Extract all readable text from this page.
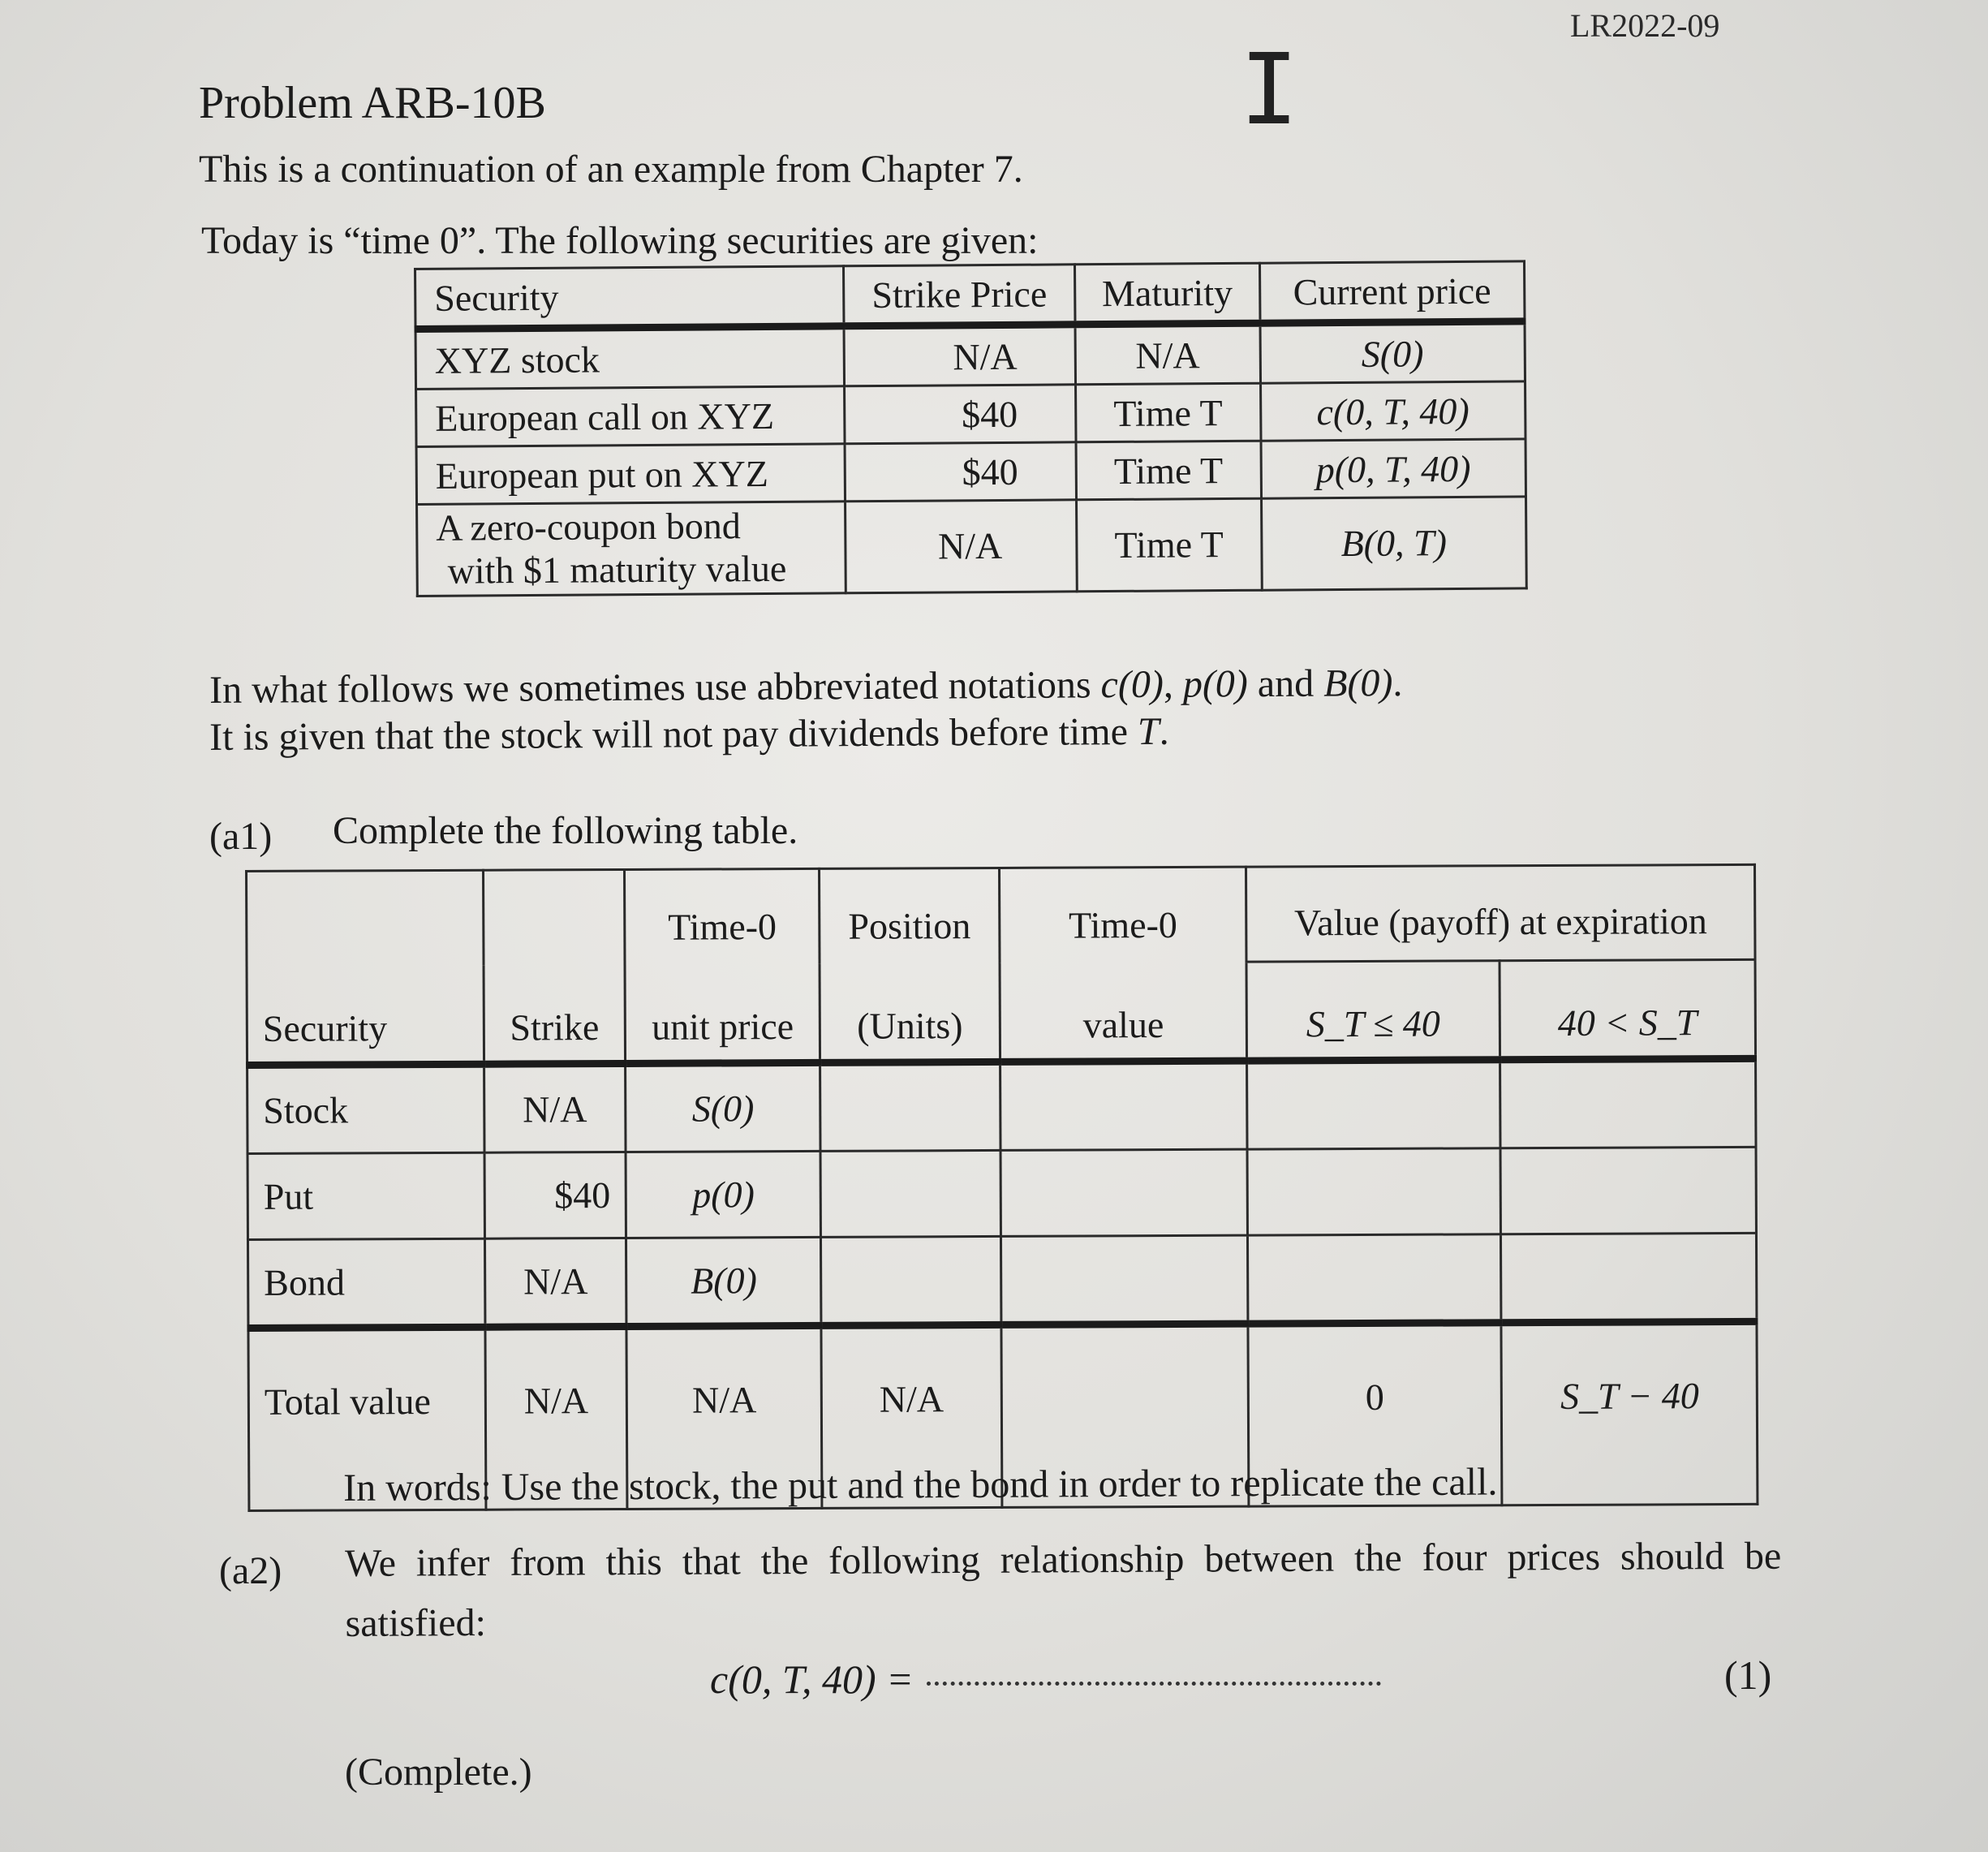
LR2022-09
I
Problem ARB-10B
This is a continuation of an example from Chapter 7.
Today is “time 0”. The following securities are given:
Security	Strike Price	Maturity	Current price
XYZ stock	N/A	N/A	S(0)
European call on XYZ	$40	Time T	c(0, T, 40)
European put on XYZ	$40	Time T	p(0, T, 40)

A zero-coupon bond
with $1 maturity value	N/A	Time T	B(0, T)
In what follows we sometimes use abbreviated notations c(0), p(0) and B(0).
It is given that the stock will not pay dividends before time T.
(a1) Complete the following table.
		Time-0	Position	Time-0	Value (payoff) at expiration	
Security	Strike	unit price	(Units)	value	S_T ≤ 40	40 < S_T
Stock	N/A	S(0)				
Put	$40	p(0)				
Bond	N/A	B(0)				
Total value	N/A	N/A	N/A		0	S_T − 40
In words: Use the stock, the put and the bond in order to replicate the call.
(a2) We infer from this that the following relationship between the four prices should be satisfied:
c(0, T, 40) =	(1)
(Complete.)
